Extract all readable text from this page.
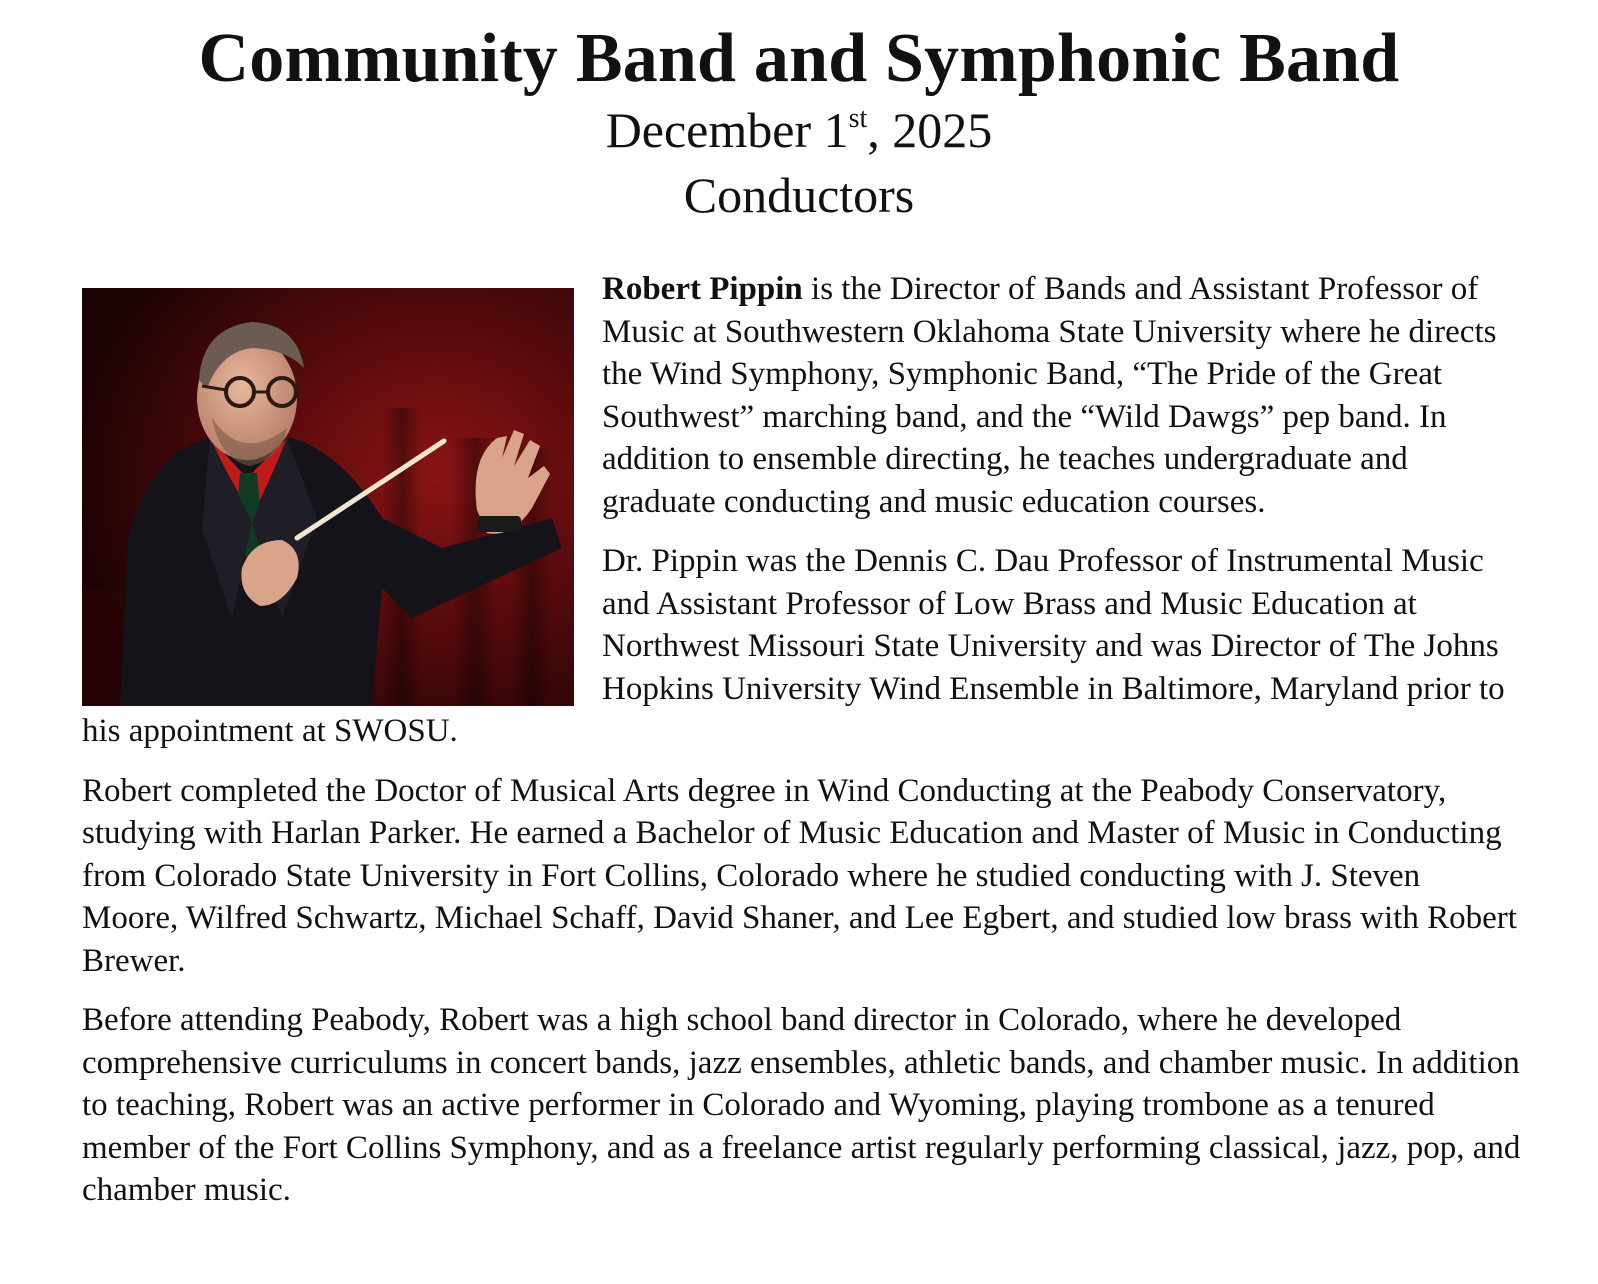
Community Band and Symphonic Band
December 1st, 2025
Conductors

Robert Pippin is the Director of Bands and Assistant Professor of Music at Southwestern Oklahoma State University where he directs the Wind Symphony, Symphonic Band, “The Pride of the Great Southwest” marching band, and the “Wild Dawgs” pep band. In addition to ensemble directing, he teaches undergraduate and graduate conducting and music education courses.

Dr. Pippin was the Dennis C. Dau Professor of Instrumental Music and Assistant Professor of Low Brass and Music Education at Northwest Missouri State University and was Director of The Johns Hopkins University Wind Ensemble in Baltimore, Maryland prior to his appointment at SWOSU.

Robert completed the Doctor of Musical Arts degree in Wind Conducting at the Peabody Conservatory, studying with Harlan Parker. He earned a Bachelor of Music Education and Master of Music in Conducting from Colorado State University in Fort Collins, Colorado where he studied conducting with J. Steven Moore, Wilfred Schwartz, Michael Schaff, David Shaner, and Lee Egbert, and studied low brass with Robert Brewer.

Before attending Peabody, Robert was a high school band director in Colorado, where he developed comprehensive curriculums in concert bands, jazz ensembles, athletic bands, and chamber music. In addition to teaching, Robert was an active performer in Colorado and Wyoming, playing trombone as a tenured member of the Fort Collins Symphony, and as a freelance artist regularly performing classical, jazz, pop, and chamber music.
